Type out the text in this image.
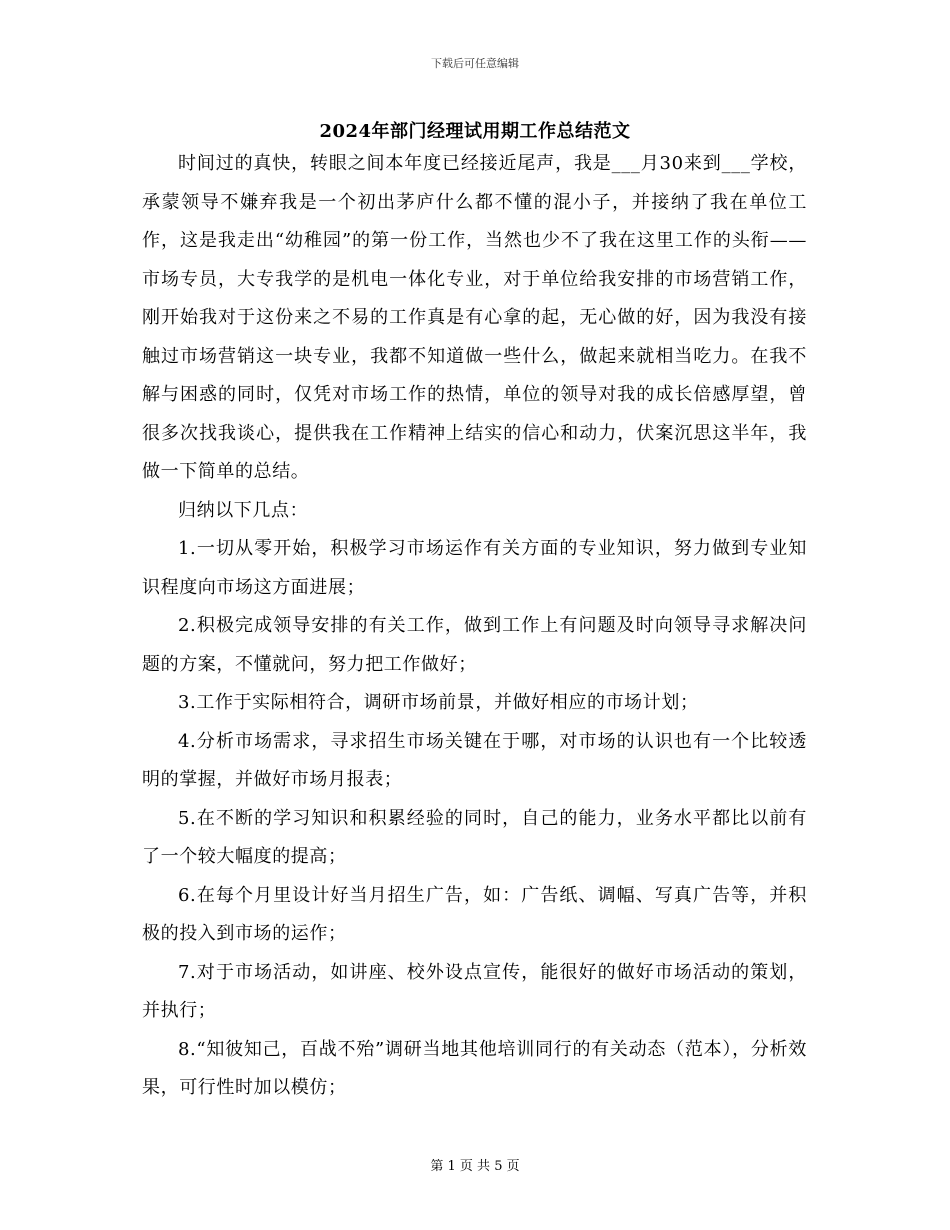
下载后可任意编辑
2024年部门经理试用期工作总结范文

时间过的真快，转眼之间本年度已经接近尾声，我是___月30来到___学校，承蒙领导不嫌弃我是一个初出茅庐什么都不懂的混小子，并接纳了我在单位工作，这是我走出“幼稚园”的第一份工作，当然也少不了我在这里工作的头衔——市场专员，大专我学的是机电一体化专业，对于单位给我安排的市场营销工作，刚开始我对于这份来之不易的工作真是有心拿的起，无心做的好，因为我没有接触过市场营销这一块专业，我都不知道做一些什么，做起来就相当吃力。在我不解与困惑的同时，仅凭对市场工作的热情，单位的领导对我的成长倍感厚望，曾很多次找我谈心，提供我在工作精神上结实的信心和动力，伏案沉思这半年，我做一下简单的总结。

归纳以下几点：

1.一切从零开始，积极学习市场运作有关方面的专业知识，努力做到专业知识程度向市场这方面进展；

2.积极完成领导安排的有关工作，做到工作上有问题及时向领导寻求解决问题的方案，不懂就问，努力把工作做好；

3.工作于实际相符合，调研市场前景，并做好相应的市场计划；

4.分析市场需求，寻求招生市场关键在于哪，对市场的认识也有一个比较透明的掌握，并做好市场月报表；

5.在不断的学习知识和积累经验的同时，自己的能力，业务水平都比以前有了一个较大幅度的提高；

6.在每个月里设计好当月招生广告，如：广告纸、调幅、写真广告等，并积极的投入到市场的运作；

7.对于市场活动，如讲座、校外设点宣传，能很好的做好市场活动的策划，并执行；

8.“知彼知己，百战不殆”调研当地其他培训同行的有关动态（范本），分析效果，可行性时加以模仿；

第 1 页 共 5 页
